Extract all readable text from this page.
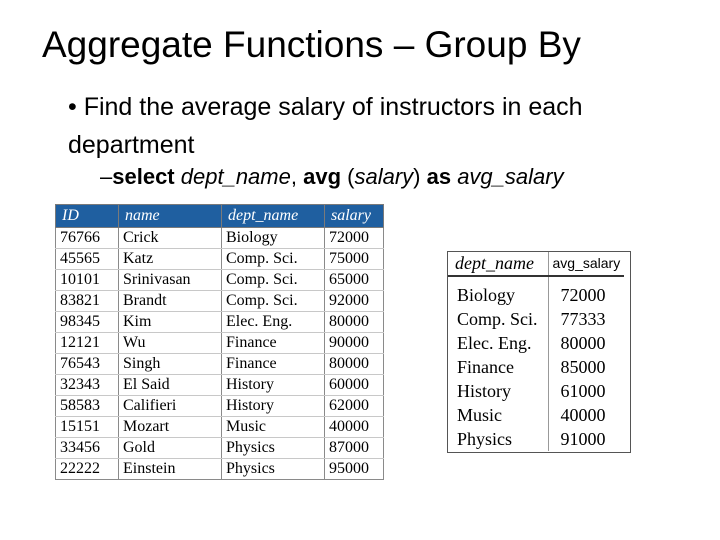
Aggregate Functions – Group By
• Find the average salary of instructors in each department
–select dept_name, avg (salary) as avg_salary
ID	name	dept_name	salary
76766	Crick	Biology	72000
45565	Katz	Comp. Sci.	75000
10101	Srinivasan	Comp. Sci.	65000
83821	Brandt	Comp. Sci.	92000
98345	Kim	Elec. Eng.	80000
12121	Wu	Finance	90000
76543	Singh	Finance	80000
32343	El Said	History	60000
58583	Califieri	History	62000
15151	Mozart	Music	40000
33456	Gold	Physics	87000
22222	Einstein	Physics	95000
dept_name	avg_salary

Biology	72000
Comp. Sci.	77333
Elec. Eng.	80000
Finance	85000
History	61000
Music	40000
Physics	91000
